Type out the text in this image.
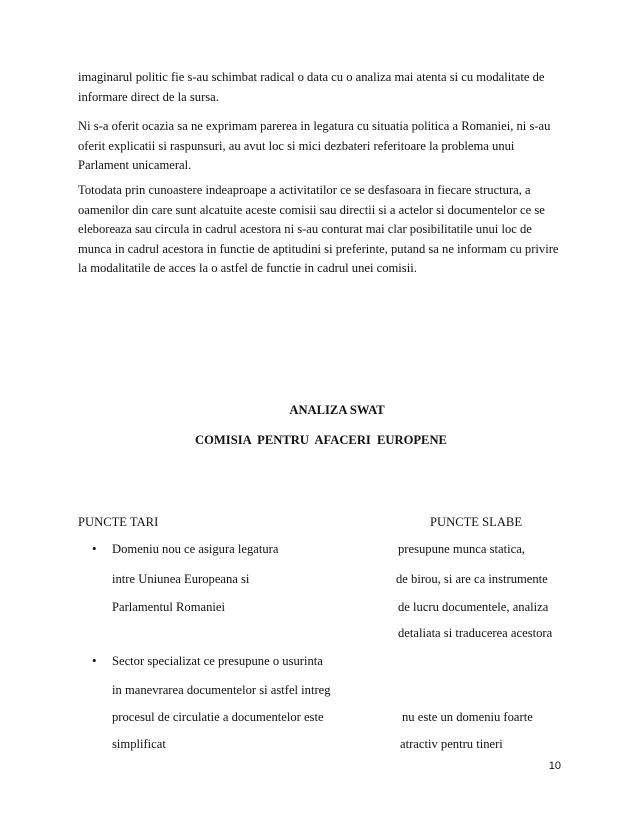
imaginarul politic fie s-au schimbat radical o data cu o analiza mai atenta si cu modalitate de informare direct de la sursa.

Ni s-a oferit ocazia sa ne exprimam parerea in legatura cu situatia politica a Romaniei, ni s-au oferit explicatii si raspunsuri, au avut loc si mici dezbateri referitoare la problema unui Parlament unicameral.

Totodata prin cunoastere indeaproape a activitatilor ce se desfasoara in fiecare structura, a oamenilor din care sunt alcatuite aceste comisii sau directii si a actelor si documentelor ce se eleboreaza sau circula in cadrul acestora ni s-au conturat mai clar posibilitatile unui loc de munca in cadrul acestora in functie de aptitudini si preferinte, putand sa ne informam cu privire la modalitatile de acces la o astfel de functie in cadrul unei comisii.

ANALIZA SWAT

COMISIA PENTRU AFACERI EUROPENE

PUNCTE TARI	PUNCTE SLABE
• Domeniu nou ce asigura legatura
intre Uniunea Europeana si
Parlamentul Romaniei
• Sector specializat ce presupune o usurinta
in manevrarea documentelor si astfel intreg
procesul de circulatie a documentelor este
simplificat
presupune munca statica,
de birou, si are ca instrumente
de lucru documentele, analiza
detaliata si traducerea acestora
nu este un domeniu foarte
atractiv pentru tineri
10
